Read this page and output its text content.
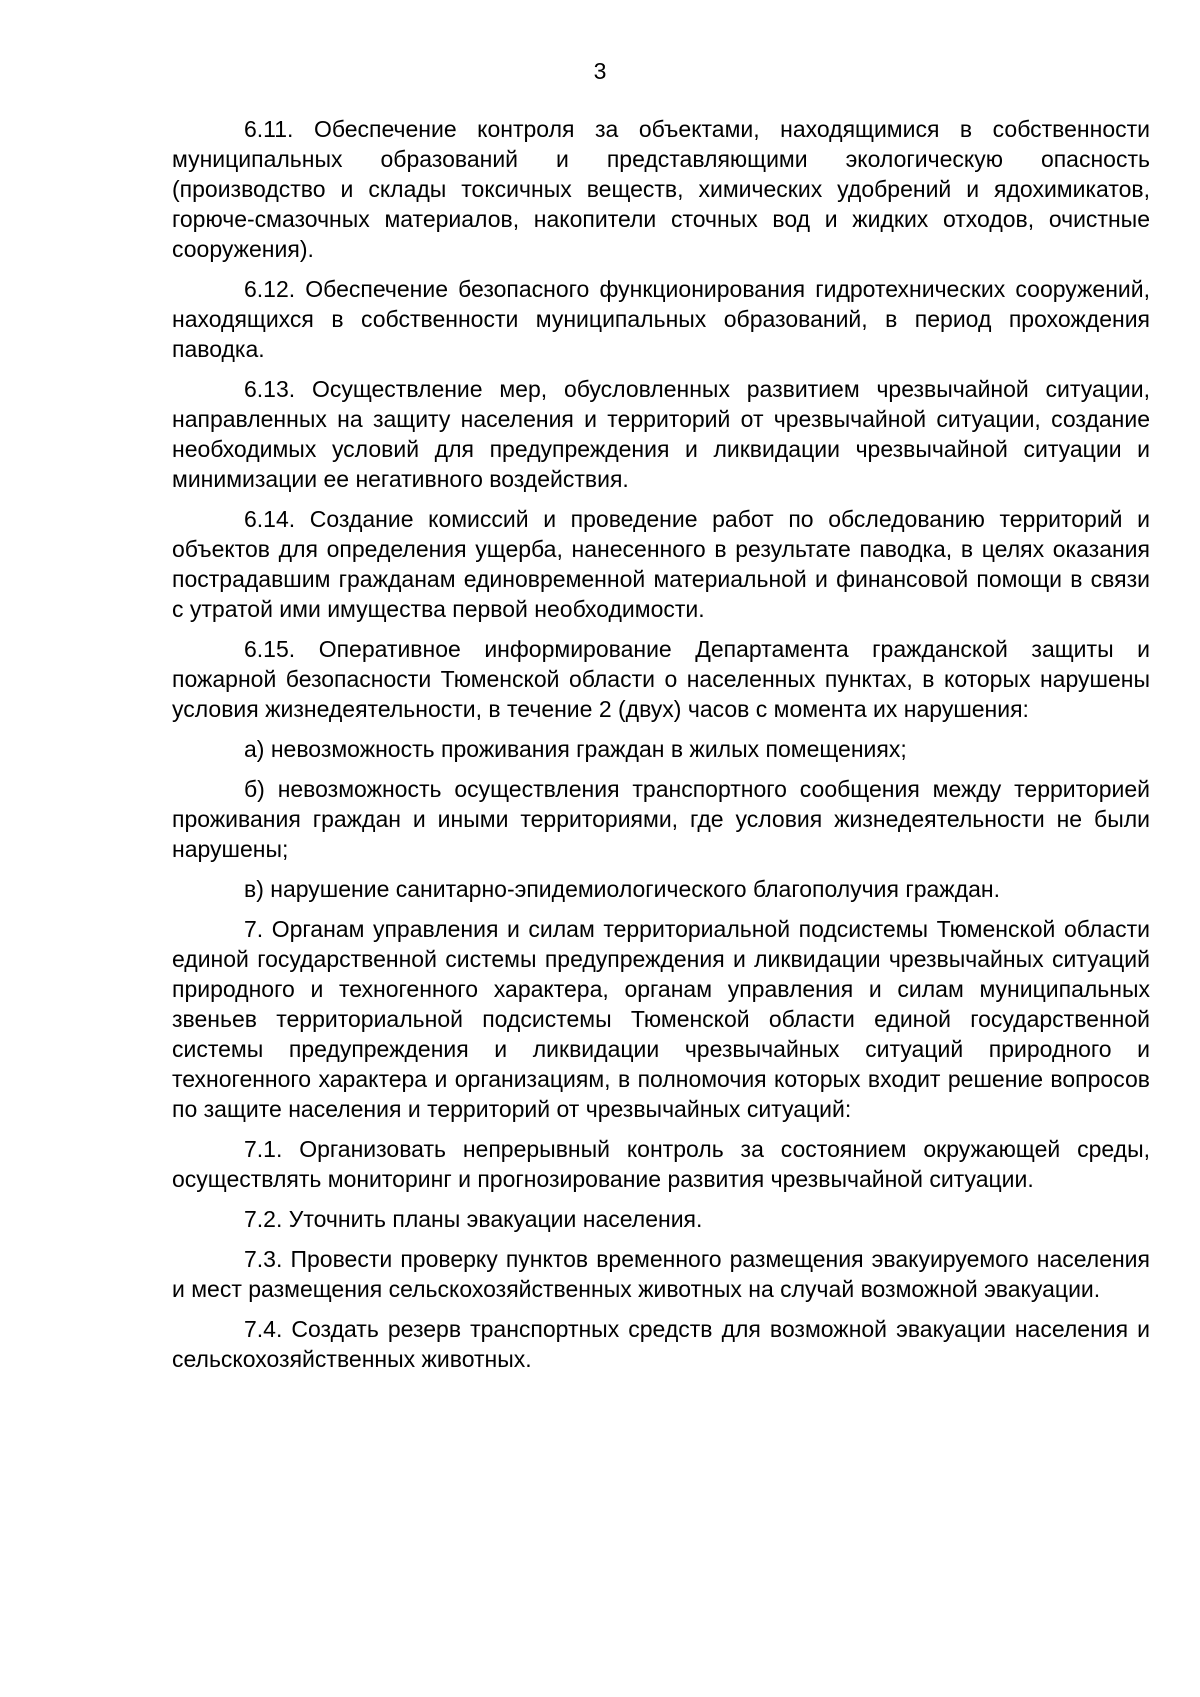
3

6.11. Обеспечение контроля за объектами, находящимися в собственности муниципальных образований и представляющими экологическую опасность (производство и склады токсичных веществ, химических удобрений и ядохимикатов, горюче-смазочных материалов, накопители сточных вод и жидких отходов, очистные сооружения).

6.12. Обеспечение безопасного функционирования гидротехнических сооружений, находящихся в собственности муниципальных образований, в период прохождения паводка.

6.13. Осуществление мер, обусловленных развитием чрезвычайной ситуации, направленных на защиту населения и территорий от чрезвычайной ситуации, создание необходимых условий для предупреждения и ликвидации чрезвычайной ситуации и минимизации ее негативного воздействия.

6.14. Создание комиссий и проведение работ по обследованию территорий и объектов для определения ущерба, нанесенного в результате паводка, в целях оказания пострадавшим гражданам единовременной материальной и финансовой помощи в связи с утратой ими имущества первой необходимости.

6.15. Оперативное информирование Департамента гражданской защиты и пожарной безопасности Тюменской области о населенных пунктах, в которых нарушены условия жизнедеятельности, в течение 2 (двух) часов с момента их нарушения:

а) невозможность проживания граждан в жилых помещениях;

б) невозможность осуществления транспортного сообщения между территорией проживания граждан и иными территориями, где условия жизнедеятельности не были нарушены;

в) нарушение санитарно-эпидемиологического благополучия граждан.

7. Органам управления и силам территориальной подсистемы Тюменской области единой государственной системы предупреждения и ликвидации чрезвычайных ситуаций природного и техногенного характера, органам управления и силам муниципальных звеньев территориальной подсистемы Тюменской области единой государственной системы предупреждения и ликвидации чрезвычайных ситуаций природного и техногенного характера и организациям, в полномочия которых входит решение вопросов по защите населения и территорий от чрезвычайных ситуаций:

7.1. Организовать непрерывный контроль за состоянием окружающей среды, осуществлять мониторинг и прогнозирование развития чрезвычайной ситуации.

7.2. Уточнить планы эвакуации населения.

7.3. Провести проверку пунктов временного размещения эвакуируемого населения и мест размещения сельскохозяйственных животных на случай возможной эвакуации.

7.4. Создать резерв транспортных средств для возможной эвакуации населения и сельскохозяйственных животных.
